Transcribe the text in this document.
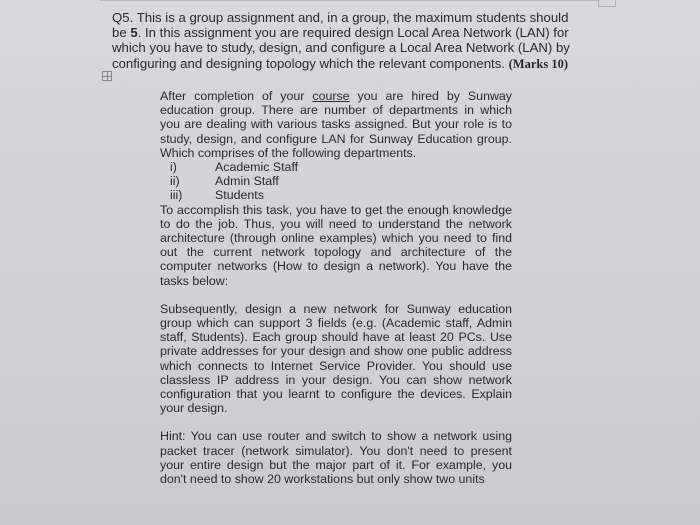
Q5. This is a group assignment and, in a group, the maximum students should be 5. In this assignment you are required design Local Area Network (LAN) for which you have to study, design, and configure a Local Area Network (LAN) by configuring and designing topology which the relevant components. (Marks 10)

After completion of your course you are hired by Sunway education group. There are number of departments in which you are dealing with various tasks assigned. But your role is to study, design, and configure LAN for Sunway Education group. Which comprises of the following departments.

i)	Academic Staff
ii)	Admin Staff
iii)	Students

To accomplish this task, you have to get the enough knowledge to do the job. Thus, you will need to understand the network architecture (through online examples) which you need to find out the current network topology and architecture of the computer networks (How to design a network). You have the tasks below:

Subsequently, design a new network for Sunway education group which can support 3 fields (e.g. (Academic staff, Admin staff, Students). Each group should have at least 20 PCs. Use private addresses for your design and show one public address which connects to Internet Service Provider. You should use classless IP address in your design. You can show network configuration that you learnt to configure the devices. Explain your design.

Hint: You can use router and switch to show a network using packet tracer (network simulator). You don't need to present your entire design but the major part of it. For example, you don't need to show 20 workstations but only show two units
